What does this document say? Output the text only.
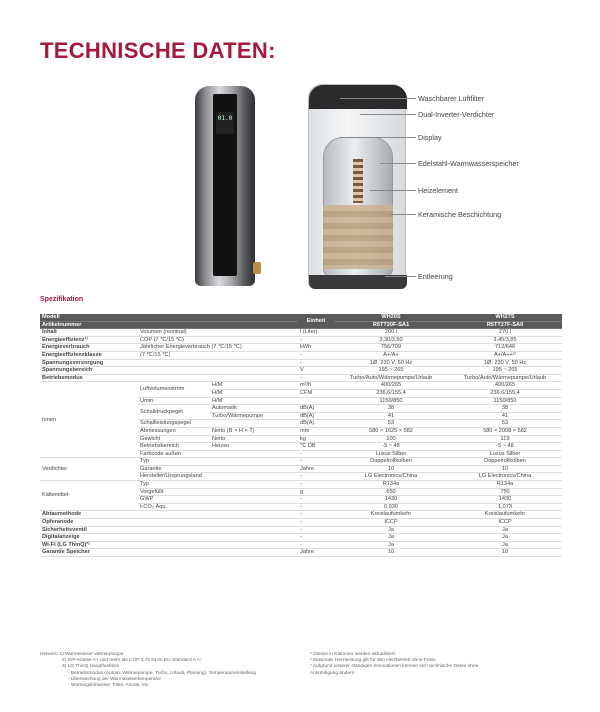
TECHNISCHE DATEN:
01.0
Waschbarer Luftfilter
Dual-Inverter-Verdichter
Display
Edelstahl-Warmwasserspeicher
Heizelement
Keramische Beschichtung
Entleerung
Spezifikation
Modell			Einheit	WH20S	WH27S
Artikelnummer				R5TT20F-SA1	R5TT27F-SA0
Inhalt	Volumen (nominal)		l (Liter)	200 l	270 l
Energieeffizienz¹⁾	COP (7 ℃/15 ℃)		-	3,30/3,50	3,45/3,85
Energieverbrauch	Jährlicher Energieverbrauch (7 ℃/15 ℃)		kWh	756/709	712/646
Energieeffizienzklasse	(7 ℃/15 ℃)		-	A+/A+	A+/A++²⁾
Spannungsversorgung			-	1Ø, 230 V, 50 Hz	1Ø, 230 V, 50 Hz
Spannungsbereich			V	195 ~ 265	195 ~ 265
Betriebsmodus			-	Turbo/Auto/Wärmepumpe/Urlaub	Turbo/Auto/Wärmepumpe/Urlaub
Innen	Luftvolumenstrom	H/M	m³/h	400/265	400/265
		H/M	CFM	236,6/155,4	236,6/155,4
	Umin	H/M		1150/850	1150/850
	Schalldruckpegel	Automatik	dB(A)	38	38
		Turbo/Wärmepumpe	dB(A)	41	41
	Schallleistungspegel		dB(A)	53	53
	Abmessungen	Netto (B × H × T)	mm	580 × 1625 × 582	580 × 2008 × 582
	Gewicht	Netto	kg	100	119
	Betriebsbereich	Heizen	℃ DB	-5 ~ 48	-5 ~ 48
	Farbcode außen		-	Luxus Silber	Luxus Silber
Verdichter	Typ		-	Doppelrollkolben	Doppelrollkolben
	Garantie		Jahre	10	10
	Hersteller/Ursprungsland		-	LG Electronics/China	LG Electronics/China
Kältemittel-	Typ		-	R134a	R134a
	Vorgefüllt		g	650	750
	GWP		-	1430	1430
	t-CO₂ Äqu.		-	0,930	1,073
Abtaumethode			-	Kreislaufumkehr	Kreislaufumkehr
Opferanode			-	ICCP	ICCP
Sicherheitsventil			-	Ja	Ja
Digitalanzeige			-	Ja	Ja
Wi-Fi (LG ThinQ)³⁾			-	Ja	Ja
Garantie Speicher			Jahre	10	10
Hinweis: 1) Warmwasser-wärmepumpe
2) ErP-Klasse A+ und mehr als COP 3,75 ist im EU-Standard A++
3) LG ThinQ Hauptfunktion
- Betriebsmodus (Autom. Wärmepumpe, Turbo, Urlaub, Planung), Temperatureinstellung
- Überwachung der Warmwassertemperatur
- Wartungshinweise: Filter, Anode, etc.
* Dieses in Klammer werden aktualisiert.
* Maximale Heizleistung gilt für den Heizbetrieb ohne Frost.
* Aufgrund unserer ständigen Innovationen können sich technische Daten ohne
Ankündigung ändern.
